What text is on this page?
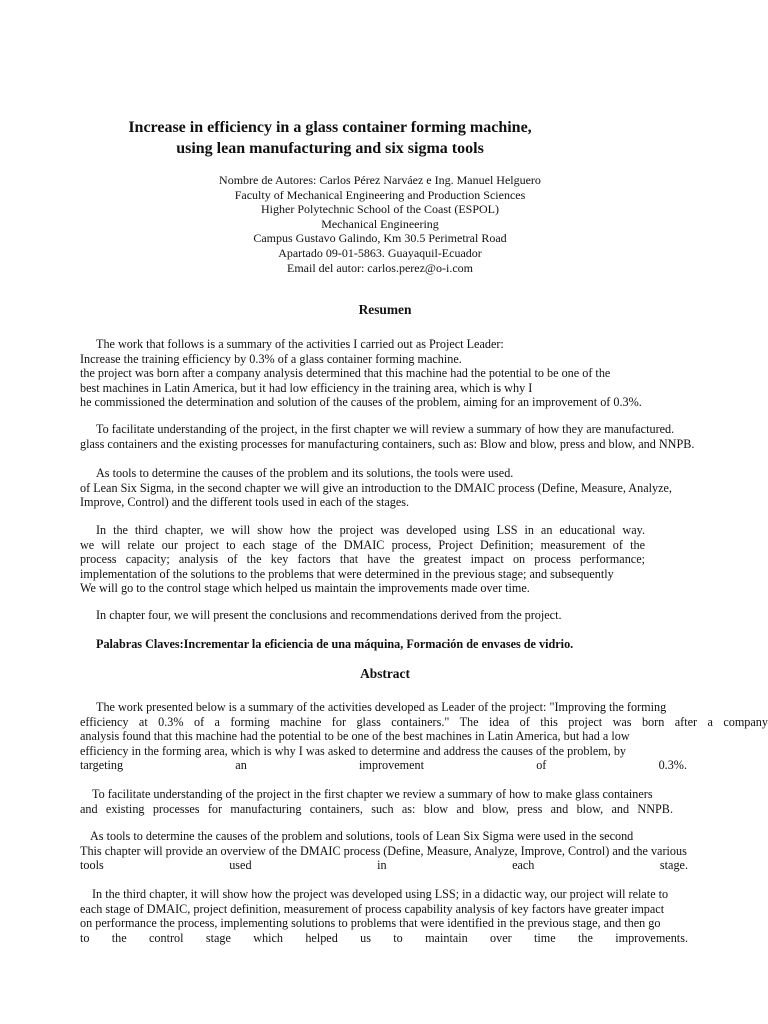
Increase in efficiency in a glass container forming machine,
using lean manufacturing and six sigma tools
Nombre de Autores: Carlos Pérez Narváez e Ing. Manuel Helguero
Faculty of Mechanical Engineering and Production Sciences
Higher Polytechnic School of the Coast (ESPOL)
Mechanical Engineering
Campus Gustavo Galindo, Km 30.5 Perimetral Road
Apartado 09-01-5863. Guayaquil-Ecuador
Email del autor: carlos.perez@o-i.com
Resumen
The work that follows is a summary of the activities I carried out as Project Leader:
Increase the training efficiency by 0.3% of a glass container forming machine.
the project was born after a company analysis determined that this machine had the potential to be one of the
best machines in Latin America, but it had low efficiency in the training area, which is why I
he commissioned the determination and solution of the causes of the problem, aiming for an improvement of 0.3%.
To facilitate understanding of the project, in the first chapter we will review a summary of how they are manufactured.
glass containers and the existing processes for manufacturing containers, such as: Blow and blow, press and blow, and NNPB.
As tools to determine the causes of the problem and its solutions, the tools were used.
of Lean Six Sigma, in the second chapter we will give an introduction to the DMAIC process (Define, Measure, Analyze,
Improve, Control) and the different tools used in each of the stages.
In the third chapter, we will show how the project was developed using LSS in an educational way.
we will relate our project to each stage of the DMAIC process, Project Definition; measurement of the
process capacity; analysis of the key factors that have the greatest impact on process performance;
implementation of the solutions to the problems that were determined in the previous stage; and subsequently
We will go to the control stage which helped us maintain the improvements made over time.
In chapter four, we will present the conclusions and recommendations derived from the project.
Palabras Claves:Incrementar la eficiencia de una máquina, Formación de envases de vidrio.
Abstract
The work presented below is a summary of the activities developed as Leader of the project: "Improving the forming
efficiency at 0.3% of a forming machine for glass containers." The idea of this project was born after a company
analysis found that this machine had the potential to be one of the best machines in Latin America, but had a low
efficiency in the forming area, which is why I was asked to determine and address the causes of the problem, by
targeting an improvement of 0.3%.
To facilitate understanding of the project in the first chapter we review a summary of how to make glass containers
and existing processes for manufacturing containers, such as: blow and blow, press and blow, and NNPB.
As tools to determine the causes of the problem and solutions, tools of Lean Six Sigma were used in the second
This chapter will provide an overview of the DMAIC process (Define, Measure, Analyze, Improve, Control) and the various
tools used in each stage.
In the third chapter, it will show how the project was developed using LSS; in a didactic way, our project will relate to
each stage of DMAIC, project definition, measurement of process capability analysis of key factors have greater impact
on performance the process, implementing solutions to problems that were identified in the previous stage, and then go
to the control stage which helped us to maintain over time the improvements.
